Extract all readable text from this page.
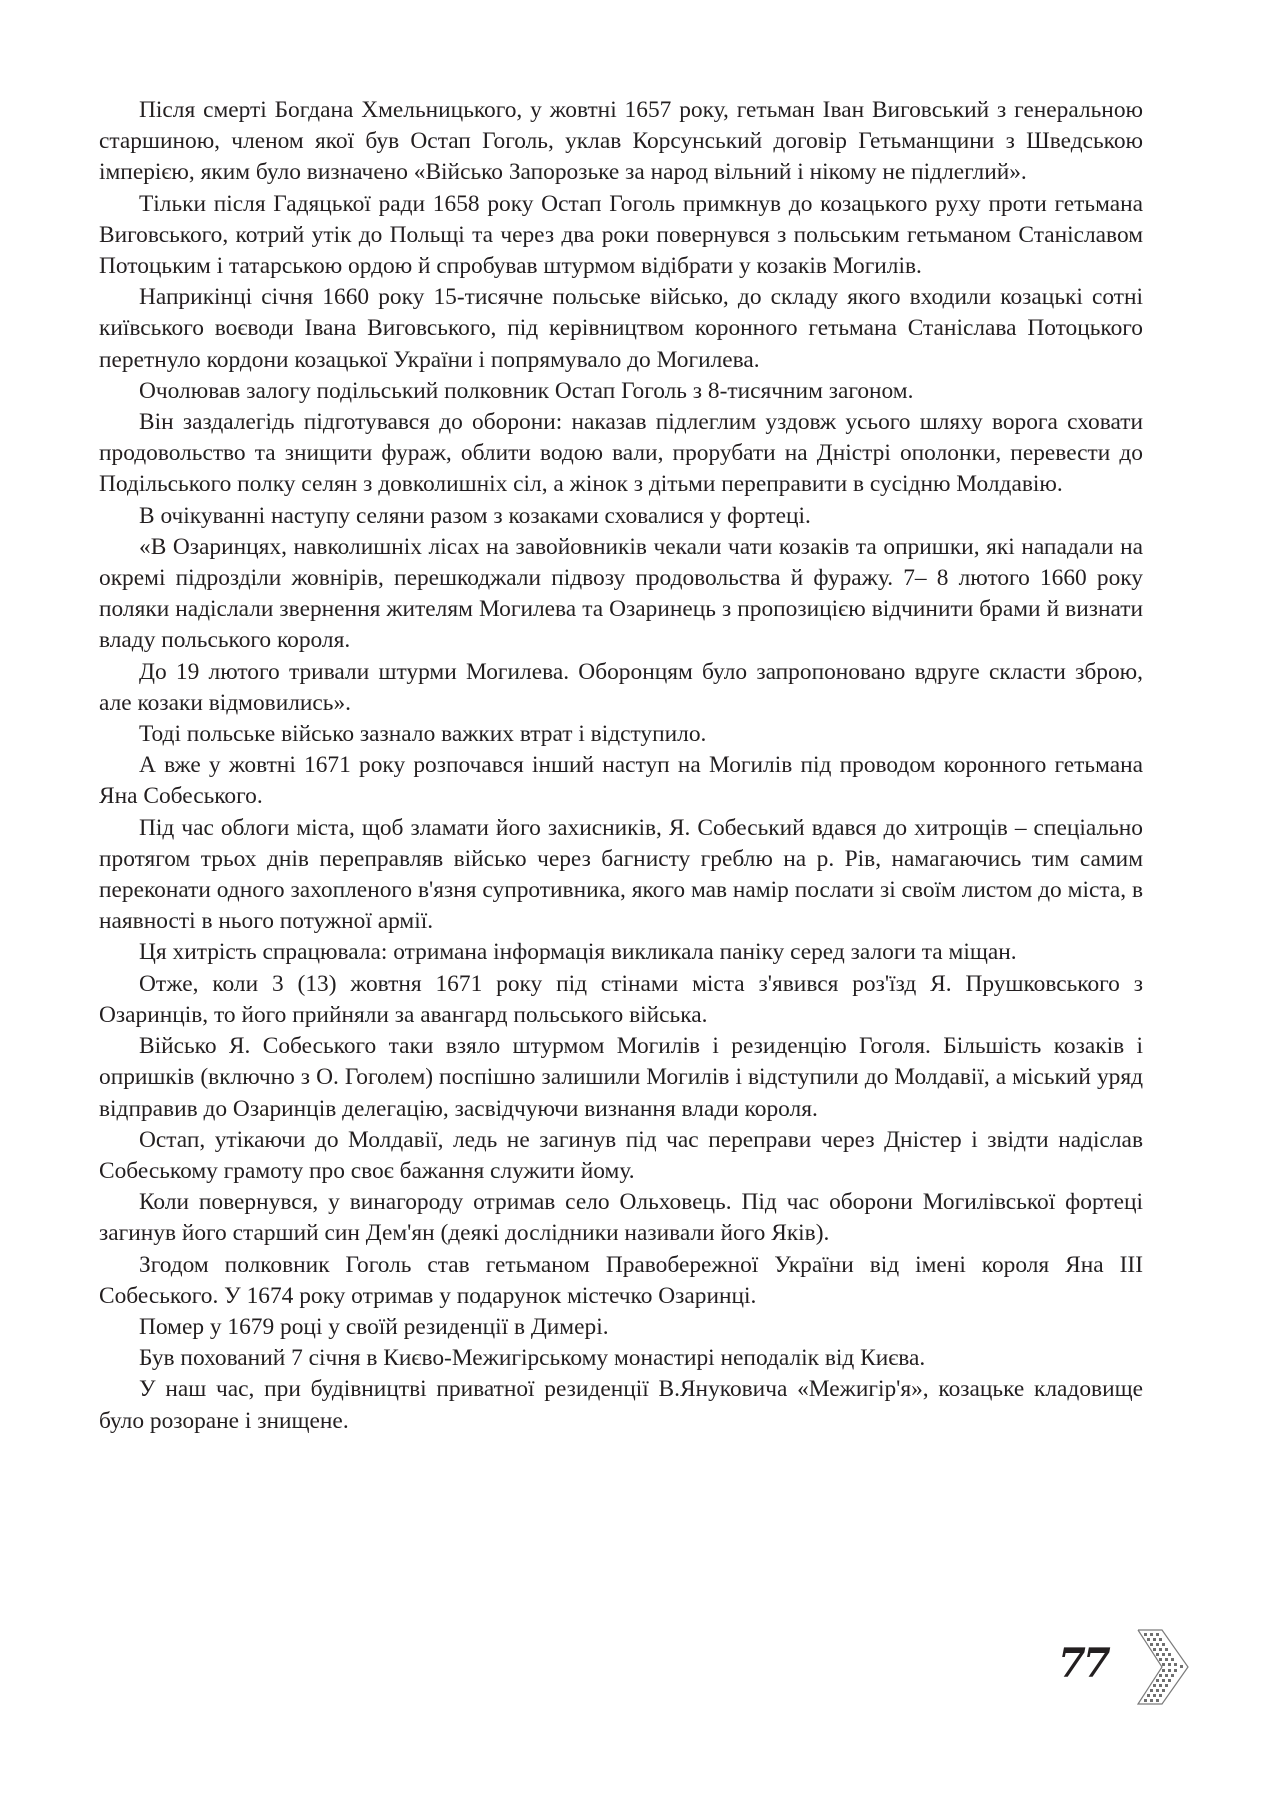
Після смерті Богдана Хмельницького, у жовтні 1657 року, гетьман Іван Виговський з генеральною старшиною, членом якої був Остап Гоголь, уклав Корсунський договір Гетьманщини з Шведською імперією, яким було визначено «Військо Запорозьке за народ вільний і нікому не підлеглий».

Тільки після Гадяцької ради 1658 року Остап Гоголь примкнув до козацького руху проти гетьмана Виговського, котрий утік до Польщі та через два роки повернувся з польським гетьманом Станіславом Потоцьким і татарською ордою й спробував штурмом відібрати у козаків Могилів.

Наприкінці січня 1660 року 15-тисячне польське військо, до складу якого входили козацькі сотні київського воєводи Івана Виговського, під керівництвом коронного гетьмана Станіслава Потоцького перетнуло кордони козацької України і попрямувало до Могилева.

Очолював залогу подільський полковник Остап Гоголь з 8-тисячним загоном.

Він заздалегідь підготувався до оборони: наказав підлеглим уздовж усього шляху ворога сховати продовольство та знищити фураж, облити водою вали, прорубати на Дністрі ополонки, перевести до Подільського полку селян з довколишніх сіл, а жінок з дітьми переправити в сусідню Молдавію.

В очікуванні наступу селяни разом з козаками сховалися у фортеці.

«В Озаринцях, навколишніх лісах на завойовників чекали чати козаків та опришки, які нападали на окремі підрозділи жовнірів, перешкоджали підвозу продовольства й фуражу. 7– 8 лютого 1660 року поляки надіслали звернення жителям Могилева та Озаринець з пропозицією відчинити брами й визнати владу польського короля.

До 19 лютого тривали штурми Могилева. Оборонцям було запропоновано вдруге скласти зброю, але козаки відмовились».

Тоді польське військо зазнало важких втрат і відступило.

А вже у жовтні 1671 року розпочався інший наступ на Могилів під проводом коронного гетьмана Яна Собеського.

Під час облоги міста, щоб зламати його захисників, Я. Собеський вдався до хитрощів – спеціально протягом трьох днів переправляв військо через багнисту греблю на р. Рів, намагаючись тим самим переконати одного захопленого в'язня супротивника, якого мав намір послати зі своїм листом до міста, в наявності в нього потужної армії.

Ця хитрість спрацювала: отримана інформація викликала паніку серед залоги та міщан.

Отже, коли 3 (13) жовтня 1671 року під стінами міста з'явився роз'їзд Я. Прушковського з Озаринців, то його прийняли за авангард польського війська.

Військо Я. Собеського таки взяло штурмом Могилів і резиденцію Гоголя. Більшість козаків і опришків (включно з О. Гоголем) поспішно залишили Могилів і відступили до Молдавії, а міський уряд відправив до Озаринців делегацію, засвідчуючи визнання влади короля.

Остап, утікаючи до Молдавії, ледь не загинув під час переправи через Дністер і звідти надіслав Собеському грамоту про своє бажання служити йому.

Коли повернувся, у винагороду отримав село Ольховець. Під час оборони Могилівської фортеці загинув його старший син Дем'ян (деякі дослідники називали його Яків).

Згодом полковник Гоголь став гетьманом Правобережної України від імені короля Яна III Собеського. У 1674 року отримав у подарунок містечко Озаринці.

Помер у 1679 році у своїй резиденції в Димері.

Був похований 7 січня в Києво-Межигірському монастирі неподалік від Києва.

У наш час, при будівництві приватної резиденції В.Януковича «Межигір'я», козацьке кладовище було розоране і знищене.

77
